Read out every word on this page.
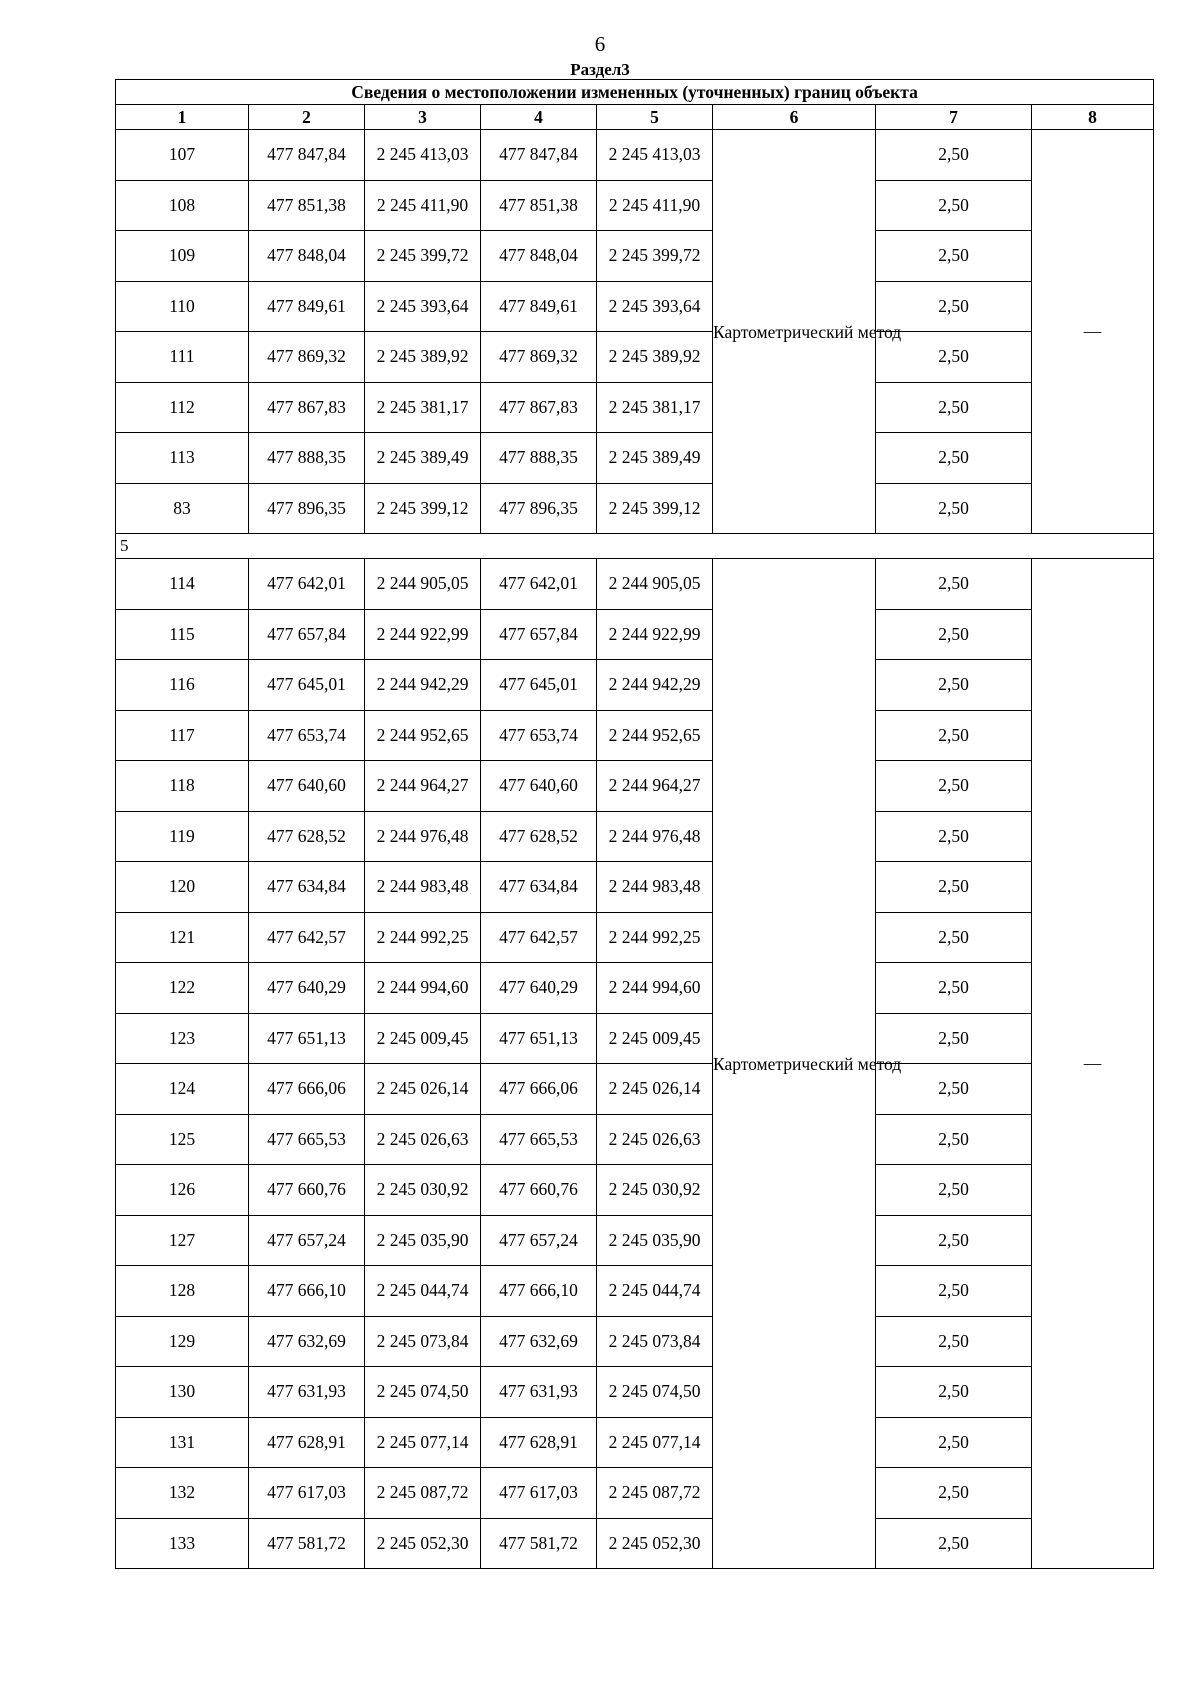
6
Раздел3
Сведения о местоположении измененных (уточненных) границ объекта							
1	2	3	4	5	6	7	8
107	477 847,84	2 245 413,03	477 847,84	2 245 413,03	Картометрический метод	2,50	—
108	477 851,38	2 245 411,90	477 851,38	2 245 411,90		2,50	
109	477 848,04	2 245 399,72	477 848,04	2 245 399,72		2,50	
110	477 849,61	2 245 393,64	477 849,61	2 245 393,64		2,50	
111	477 869,32	2 245 389,92	477 869,32	2 245 389,92		2,50	
112	477 867,83	2 245 381,17	477 867,83	2 245 381,17		2,50	
113	477 888,35	2 245 389,49	477 888,35	2 245 389,49		2,50	
83	477 896,35	2 245 399,12	477 896,35	2 245 399,12		2,50	
5							
114	477 642,01	2 244 905,05	477 642,01	2 244 905,05	Картометрический метод	2,50	—
115	477 657,84	2 244 922,99	477 657,84	2 244 922,99		2,50	
116	477 645,01	2 244 942,29	477 645,01	2 244 942,29		2,50	
117	477 653,74	2 244 952,65	477 653,74	2 244 952,65		2,50	
118	477 640,60	2 244 964,27	477 640,60	2 244 964,27		2,50	
119	477 628,52	2 244 976,48	477 628,52	2 244 976,48		2,50	
120	477 634,84	2 244 983,48	477 634,84	2 244 983,48		2,50	
121	477 642,57	2 244 992,25	477 642,57	2 244 992,25		2,50	
122	477 640,29	2 244 994,60	477 640,29	2 244 994,60		2,50	
123	477 651,13	2 245 009,45	477 651,13	2 245 009,45		2,50	
124	477 666,06	2 245 026,14	477 666,06	2 245 026,14		2,50	
125	477 665,53	2 245 026,63	477 665,53	2 245 026,63		2,50	
126	477 660,76	2 245 030,92	477 660,76	2 245 030,92		2,50	
127	477 657,24	2 245 035,90	477 657,24	2 245 035,90		2,50	
128	477 666,10	2 245 044,74	477 666,10	2 245 044,74		2,50	
129	477 632,69	2 245 073,84	477 632,69	2 245 073,84		2,50	
130	477 631,93	2 245 074,50	477 631,93	2 245 074,50		2,50	
131	477 628,91	2 245 077,14	477 628,91	2 245 077,14		2,50	
132	477 617,03	2 245 087,72	477 617,03	2 245 087,72		2,50	
133	477 581,72	2 245 052,30	477 581,72	2 245 052,30		2,50	
